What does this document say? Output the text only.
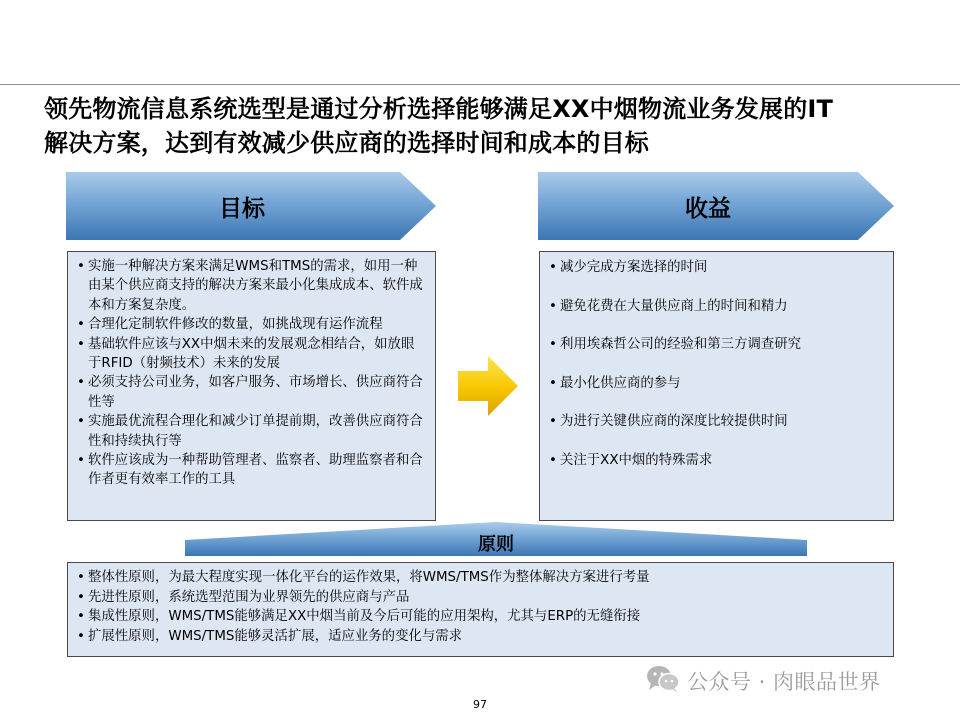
领先物流信息系统选型是通过分析选择能够满足XX中烟物流业务发展的IT
解决方案，达到有效减少供应商的选择时间和成本的目标
目标	收益
• 实施一种解决方案来满足WMS和TMS的需求，如用一种由某个供应商支持的解决方案来最小化集成成本、软件成本和方案复杂度。
• 合理化定制软件修改的数量，如挑战现有运作流程
• 基础软件应该与XX中烟未来的发展观念相结合，如放眼于RFID（射频技术）未来的发展
• 必须支持公司业务，如客户服务、市场增长、供应商符合性等
• 实施最优流程合理化和减少订单提前期，改善供应商符合性和持续执行等
• 软件应该成为一种帮助管理者、监察者、助理监察者和合作者更有效率工作的工具
• 减少完成方案选择的时间
• 避免花费在大量供应商上的时间和精力
• 利用埃森哲公司的经验和第三方调查研究
• 最小化供应商的参与
• 为进行关键供应商的深度比较提供时间
• 关注于XX中烟的特殊需求
原则
• 整体性原则，为最大程度实现一体化平台的运作效果，将WMS/TMS作为整体解决方案进行考量
• 先进性原则，系统选型范围为业界领先的供应商与产品
• 集成性原则，WMS/TMS能够满足XX中烟当前及今后可能的应用架构，尤其与ERP的无缝衔接
• 扩展性原则，WMS/TMS能够灵活扩展，适应业务的变化与需求
公众号 · 肉眼品世界
97
